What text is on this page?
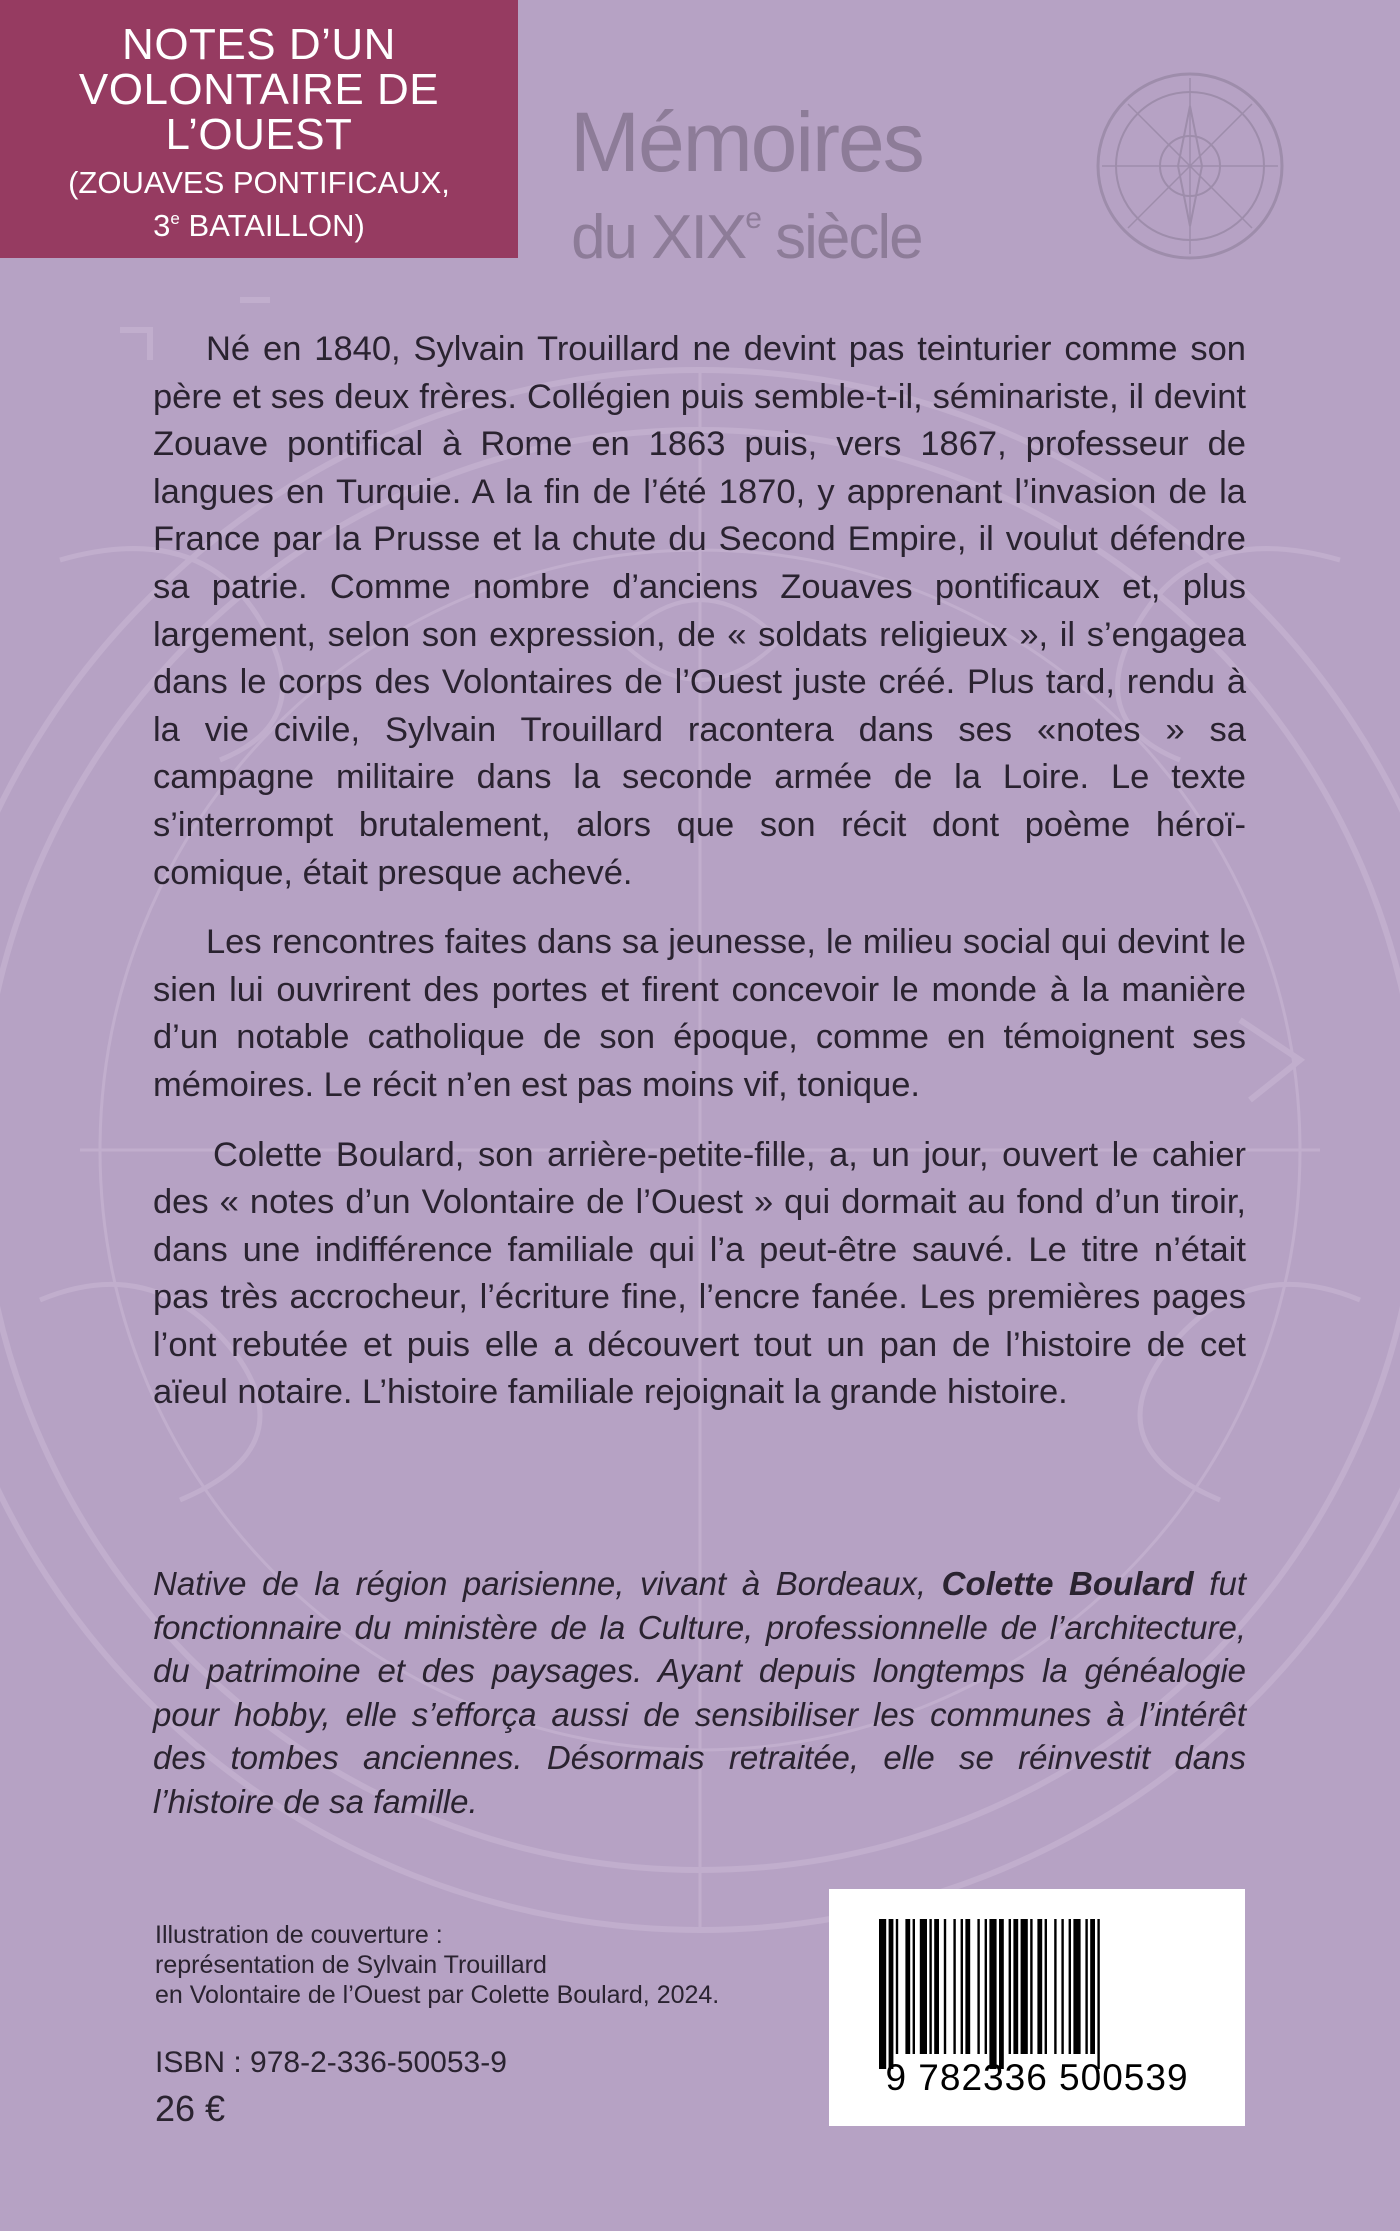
NOTES D’UN
VOLONTAIRE DE
L’OUEST
(ZOUAVES PONTIFICAUX,
3e BATAILLON)
Mémoires
du XIXe siècle

Né en 1840, Sylvain Trouillard ne devint pas teinturier comme son père et ses deux frères. Collégien puis semble-t-il, séminariste, il devint Zouave pontifical à Rome en 1863 puis, vers 1867, professeur de langues en Turquie. A la fin de l’été 1870, y apprenant l’invasion de la France par la Prusse et la chute du Second Empire, il voulut défendre sa patrie. Comme nombre d’anciens Zouaves pontificaux et, plus largement, selon son expression, de « soldats religieux », il s’engagea dans le corps des Volontaires de l’Ouest juste créé. Plus tard, rendu à la vie civile, Sylvain Trouillard racontera dans ses «notes » sa campagne militaire dans la seconde armée de la Loire. Le texte s’interrompt brutalement, alors que son récit dont poème héroï-comique, était presque achevé.

Les rencontres faites dans sa jeunesse, le milieu social qui devint le sien lui ouvrirent des portes et firent concevoir le monde à la manière d’un notable catholique de son époque, comme en témoignent ses mémoires. Le récit n’en est pas moins vif, tonique.

Colette Boulard, son arrière-petite-fille, a, un jour, ouvert le cahier des « notes d’un Volontaire de l’Ouest » qui dormait au fond d’un tiroir, dans une indifférence familiale qui l’a peut-être sauvé. Le titre n’était pas très accrocheur, l’écriture fine, l’encre fanée. Les premières pages l’ont rebutée et puis elle a découvert tout un pan de l’histoire de cet aïeul notaire. L’histoire familiale rejoignait la grande histoire.

Native de la région parisienne, vivant à Bordeaux, Colette Boulard fut fonctionnaire du ministère de la Culture, professionnelle de l’architecture, du patrimoine et des paysages. Ayant depuis longtemps la généalogie pour hobby, elle s’efforça aussi de sensibiliser les communes à l’intérêt des tombes anciennes. Désormais retraitée, elle se réinvestit dans l’histoire de sa famille.
Illustration de couverture :
représentation de Sylvain Trouillard
en Volontaire de l’Ouest par Colette Boulard, 2024.
ISBN : 978-2-336-50053-9
26 €
9 782336 500539
